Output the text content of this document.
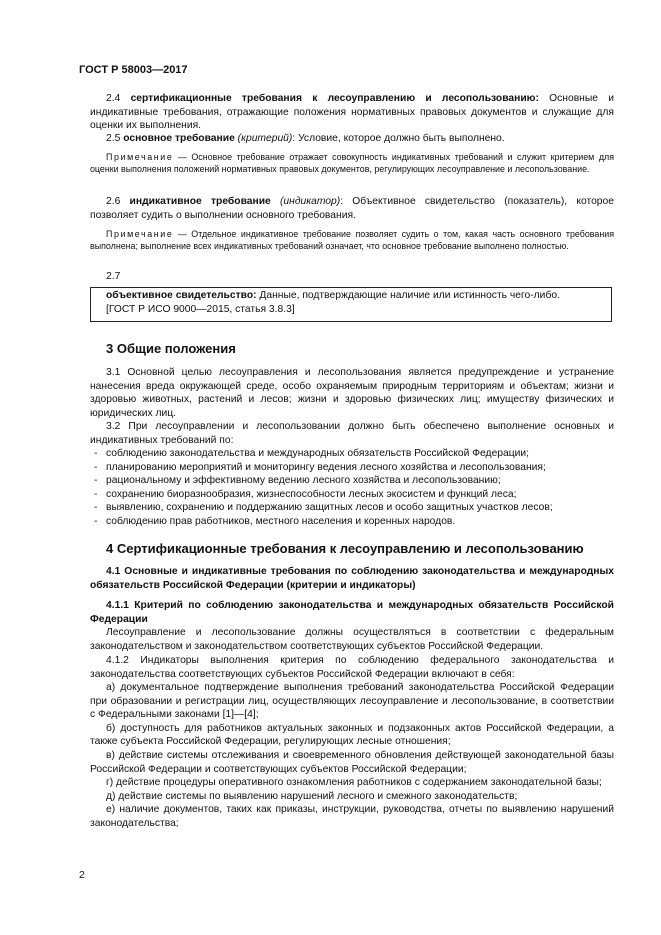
ГОСТ Р 58003—2017
2.4 сертификационные требования к лесоуправлению и лесопользованию: Основные и индикативные требования, отражающие положения нормативных правовых документов и служащие для оценки их выполнения.
2.5 основное требование (критерий): Условие, которое должно быть выполнено.
Примечание — Основное требование отражает совокупность индикативных требований и служит критерием для оценки выполнения положений нормативных правовых документов, регулирующих лесоуправление и лесопользование.
2.6 индикативное требование (индикатор): Объективное свидетельство (показатель), которое позволяет судить о выполнении основного требования.
Примечание — Отдельное индикативное требование позволяет судить о том, какая часть основного требования выполнена; выполнение всех индикативных требований означает, что основное требование выполнено полностью.
2.7
объективное свидетельство: Данные, подтверждающие наличие или истинность чего-либо.
[ГОСТ Р ИСО 9000—2015, статья 3.8.3]
3 Общие положения
3.1 Основной целью лесоуправления и лесопользования является предупреждение и устранение нанесения вреда окружающей среде, особо охраняемым природным территориям и объектам; жизни и здоровью животных, растений и лесов; жизни и здоровью физических лиц; имуществу физических и юридических лиц.
3.2 При лесоуправлении и лесопользовании должно быть обеспечено выполнение основных и индикативных требований по:
- соблюдению законодательства и международных обязательств Российской Федерации;
- планированию мероприятий и мониторингу ведения лесного хозяйства и лесопользования;
- рациональному и эффективному ведению лесного хозяйства и лесопользованию;
- сохранению биоразнообразия, жизнеспособности лесных экосистем и функций леса;
- выявлению, сохранению и поддержанию защитных лесов и особо защитных участков лесов;
- соблюдению прав работников, местного населения и коренных народов.
4 Сертификационные требования к лесоуправлению и лесопользованию
4.1 Основные и индикативные требования по соблюдению законодательства и международных обязательств Российской Федерации (критерии и индикаторы)
4.1.1 Критерий по соблюдению законодательства и международных обязательств Российской Федерации
Лесоуправление и лесопользование должны осуществляться в соответствии с федеральным законодательством и законодательством соответствующих субъектов Российской Федерации.
4.1.2 Индикаторы выполнения критерия по соблюдению федерального законодательства и законодательства соответствующих субъектов Российской Федерации включают в себя:
а) документальное подтверждение выполнения требований законодательства Российской Федерации при образовании и регистрации лиц, осуществляющих лесоуправление и лесопользование, в соответствии с Федеральными законами [1]—[4];
б) доступность для работников актуальных законных и подзаконных актов Российской Федерации, а также субъекта Российской Федерации, регулирующих лесные отношения;
в) действие системы отслеживания и своевременного обновления действующей законодательной базы Российской Федерации и соответствующих субъектов Российской Федерации;
г) действие процедуры оперативного ознакомления работников с содержанием законодательной базы;
д) действие системы по выявлению нарушений лесного и смежного законодательств;
е) наличие документов, таких как приказы, инструкции, руководства, отчеты по выявлению нарушений законодательства;
2
